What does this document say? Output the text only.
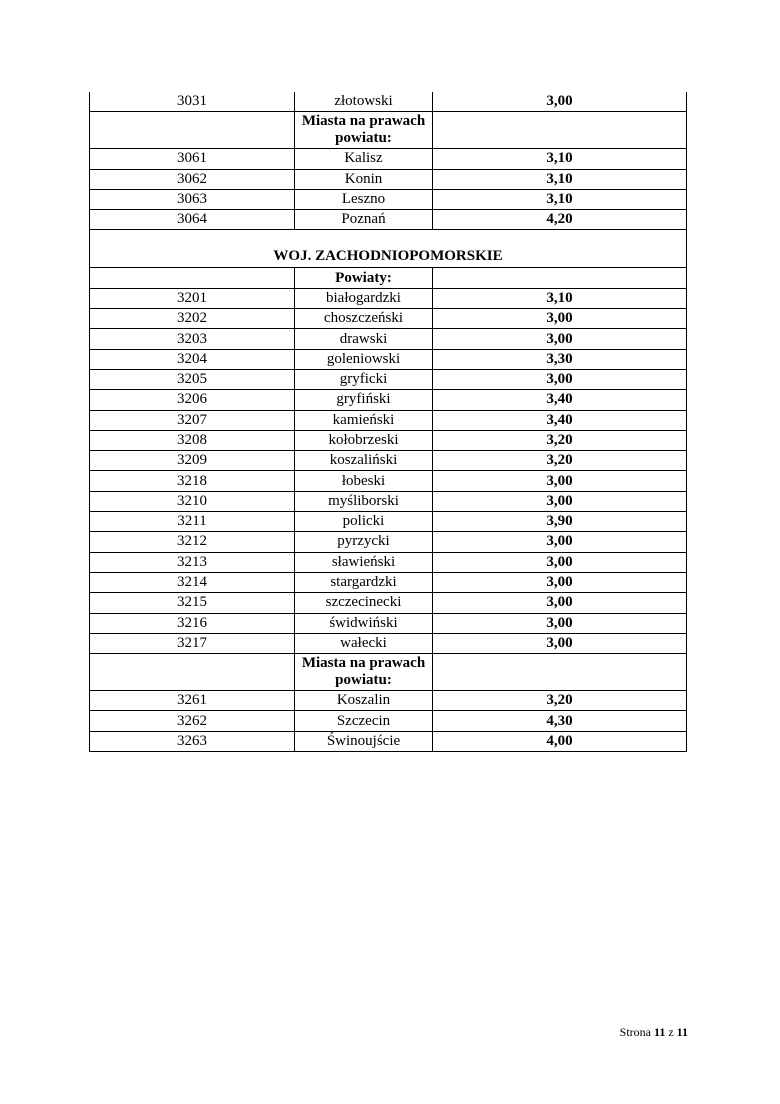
3031	złotowski	3,00
	Miasta na prawach powiatu:	
3061	Kalisz	3,10
3062	Konin	3,10
3063	Leszno	3,10
3064	Poznań	4,20
WOJ. ZACHODNIOPOMORSKIE		
	Powiaty:	
3201	białogardzki	3,10
3202	choszczeński	3,00
3203	drawski	3,00
3204	goleniowski	3,30
3205	gryficki	3,00
3206	gryfiński	3,40
3207	kamieński	3,40
3208	kołobrzeski	3,20
3209	koszaliński	3,20
3218	łobeski	3,00
3210	myśliborski	3,00
3211	policki	3,90
3212	pyrzycki	3,00
3213	sławieński	3,00
3214	stargardzki	3,00
3215	szczecinecki	3,00
3216	świdwiński	3,00
3217	wałecki	3,00
	Miasta na prawach powiatu:	
3261	Koszalin	3,20
3262	Szczecin	4,30
3263	Świnoujście	4,00
Strona 11 z 11
